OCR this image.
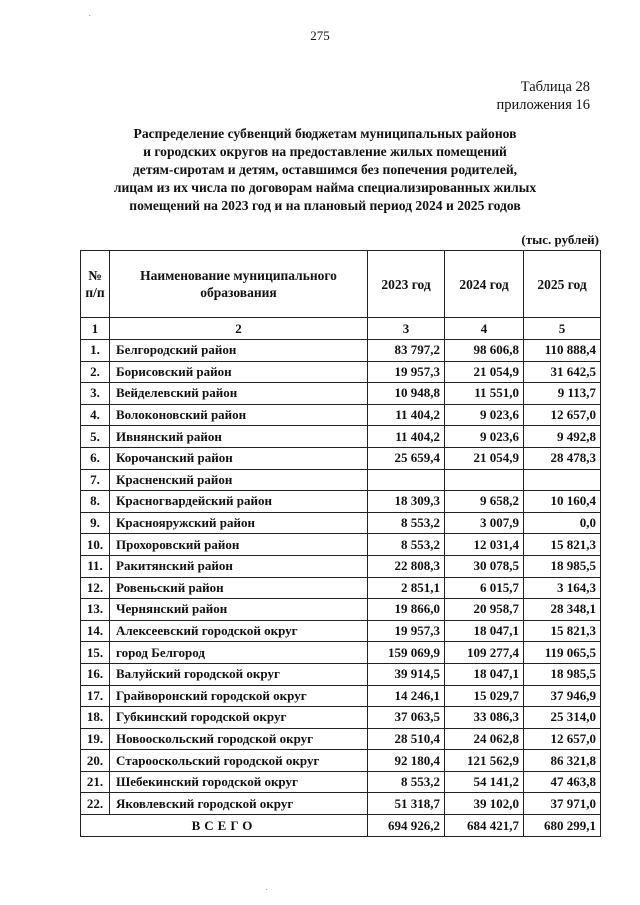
275
Таблица 28
приложения 16
Распределение субвенций бюджетам муниципальных районов
и городских округов на предоставление жилых помещений
детям-сиротам и детям, оставшимся без попечения родителей,
лицам из их числа по договорам найма специализированных жилых
помещений на 2023 год и на плановый период 2024 и 2025 годов
(тыс. рублей)
№ п/п	Наименование муниципального образования	2023 год	2024 год	2025 год
1	2	3	4	5
1.	Белгородский район	83 797,2	98 606,8	110 888,4
2.	Борисовский район	19 957,3	21 054,9	31 642,5
3.	Вейделевский район	10 948,8	11 551,0	9 113,7
4.	Волоконовский район	11 404,2	9 023,6	12 657,0
5.	Ивнянский район	11 404,2	9 023,6	9 492,8
6.	Корочанский район	25 659,4	21 054,9	28 478,3
7.	Красненский район			
8.	Красногвардейский район	18 309,3	9 658,2	10 160,4
9.	Краснояружский район	8 553,2	3 007,9	0,0
10.	Прохоровский район	8 553,2	12 031,4	15 821,3
11.	Ракитянский район	22 808,3	30 078,5	18 985,5
12.	Ровеньский район	2 851,1	6 015,7	3 164,3
13.	Чернянский район	19 866,0	20 958,7	28 348,1
14.	Алексеевский городской округ	19 957,3	18 047,1	15 821,3
15.	город Белгород	159 069,9	109 277,4	119 065,5
16.	Валуйский городской округ	39 914,5	18 047,1	18 985,5
17.	Грайворонский городской округ	14 246,1	15 029,7	37 946,9
18.	Губкинский городской округ	37 063,5	33 086,3	25 314,0
19.	Новооскольский городской округ	28 510,4	24 062,8	12 657,0
20.	Старооскольский городской округ	92 180,4	121 562,9	86 321,8
21.	Шебекинский городской округ	8 553,2	54 141,2	47 463,8
22.	Яковлевский городской округ	51 318,7	39 102,0	37 971,0
ВСЕГО		694 926,2	684 421,7	680 299,1
˙
˙
